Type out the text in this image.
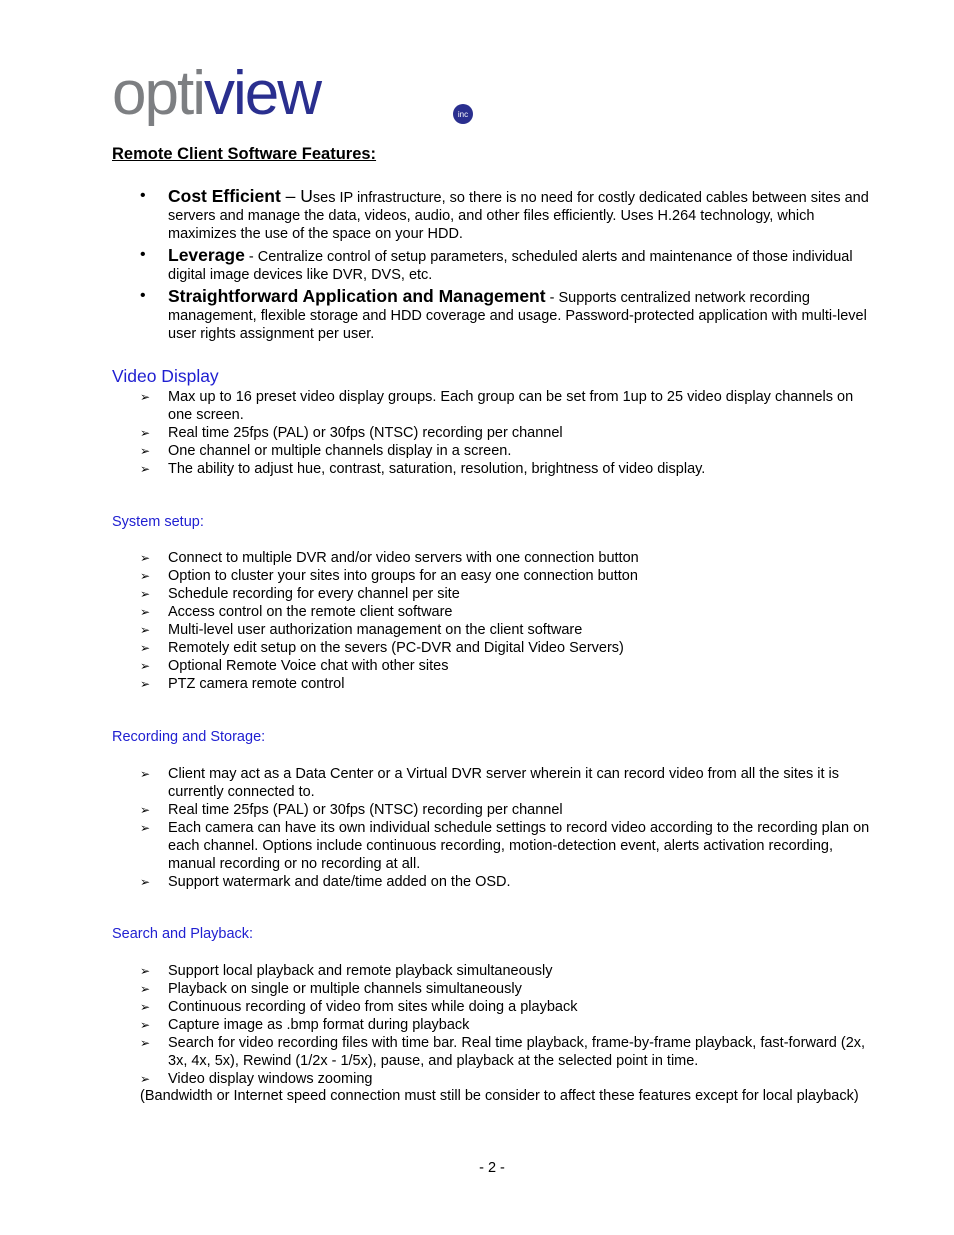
optiview	inc
Remote Client Software Features:
• Cost Efficient – Uses IP infrastructure, so there is no need for costly dedicated cables between sites and servers and manage the data, videos, audio, and other files efficiently. Uses H.264 technology, which maximizes the use of the space on your HDD.
• Leverage - Centralize control of setup parameters, scheduled alerts and maintenance of those individual digital image devices like DVR, DVS, etc.
• Straightforward Application and Management - Supports centralized network recording management, flexible storage and HDD coverage and usage. Password-protected application with multi-level user rights assignment per user.
Video Display
➢ Max up to 16 preset video display groups. Each group can be set from 1up to 25 video display channels on one screen.
➢ Real time 25fps (PAL) or 30fps (NTSC) recording per channel
➢ One channel or multiple channels display in a screen.
➢ The ability to adjust hue, contrast, saturation, resolution, brightness of video display.
System setup:
➢ Connect to multiple DVR and/or video servers with one connection button
➢ Option to cluster your sites into groups for an easy one connection button
➢ Schedule recording for every channel per site
➢ Access control on the remote client software
➢ Multi-level user authorization management on the client software
➢ Remotely edit setup on the severs (PC-DVR and Digital Video Servers)
➢ Optional Remote Voice chat with other sites
➢ PTZ camera remote control
Recording and Storage:
➢ Client may act as a Data Center or a Virtual DVR server wherein it can record video from all the sites it is currently connected to.
➢ Real time 25fps (PAL) or 30fps (NTSC) recording per channel
➢ Each camera can have its own individual schedule settings to record video according to the recording plan on each channel. Options include continuous recording, motion-detection event, alerts activation recording, manual recording or no recording at all.
➢ Support watermark and date/time added on the OSD.
Search and Playback:
➢ Support local playback and remote playback simultaneously
➢ Playback on single or multiple channels simultaneously
➢ Continuous recording of video from sites while doing a playback
➢ Capture image as .bmp format during playback
➢ Search for video recording files with time bar. Real time playback, frame-by-frame playback, fast-forward (2x, 3x, 4x, 5x), Rewind (1/2x - 1/5x), pause, and playback at the selected point in time.
➢ Video display windows zooming

(Bandwidth or Internet speed connection must still be consider to affect these features except for local playback)

- 2 -
